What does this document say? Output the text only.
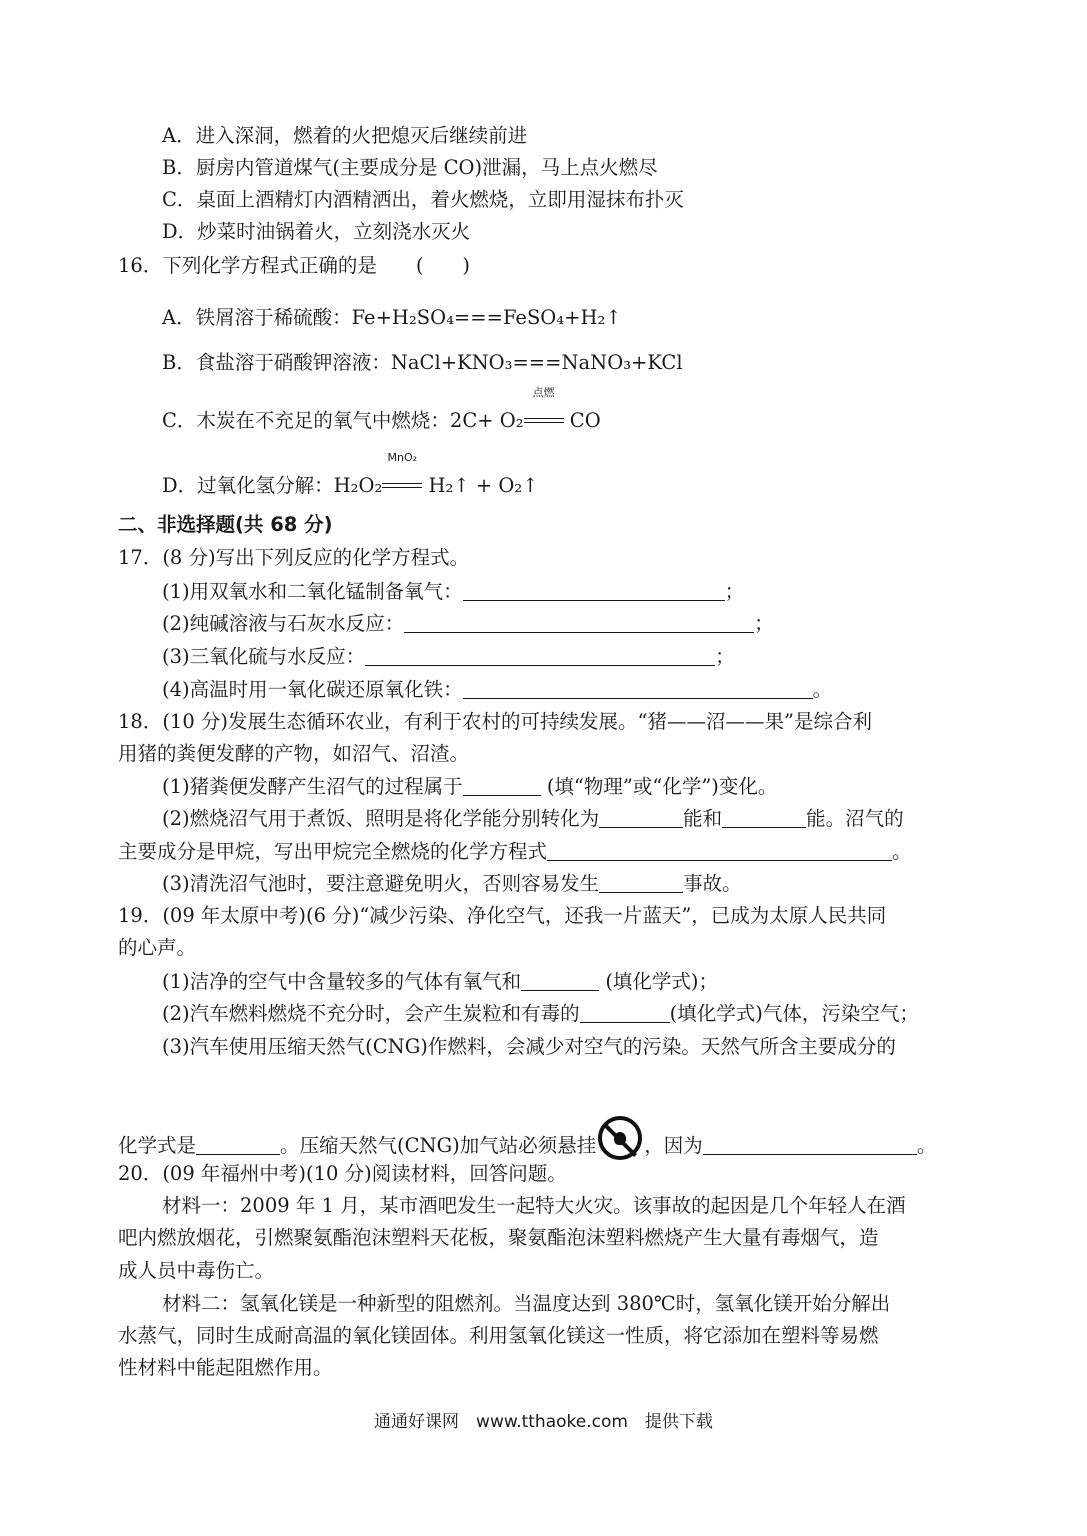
A．进入深洞，燃着的火把熄灭后继续前进
B．厨房内管道煤气(主要成分是 CO)泄漏，马上点火燃尽
C．桌面上酒精灯内酒精洒出，着火燃烧，立即用湿抹布扑灭
D．炒菜时油锅着火，立刻浇水灭火
16．下列化学方程式正确的是　　(　　)
A．铁屑溶于稀硫酸：Fe+H₂SO₄===FeSO₄+H₂↑
B．食盐溶于硝酸钾溶液：NaCl+KNO₃===NaNO₃+KCl
C．木炭在不充足的氧气中燃烧：2C+ O₂
点燃
CO
D．过氧化氢分解：H₂O₂
MnO₂
H₂↑ + O₂↑
二、非选择题(共 68 分)
17．(8 分)写出下列反应的化学方程式。
(1)用双氧水和二氧化锰制备氧气：	；
(2)纯碱溶液与石灰水反应：	；
(3)三氧化硫与水反应：	；
(4)高温时用一氧化碳还原氧化铁：	。
18．(10 分)发展生态循环农业，有利于农村的可持续发展。“猪——沼——果”是综合利
用猪的粪便发酵的产物，如沼气、沼渣。
(1)猪粪便发酵产生沼气的过程属于	(填“物理”或“化学”)变化。
(2)燃烧沼气用于煮饭、照明是将化学能分别转化为	能和	能。沼气的
主要成分是甲烷，写出甲烷完全燃烧的化学方程式	。
(3)清洗沼气池时，要注意避免明火，否则容易发生	事故。
19．(09 年太原中考)(6 分)“减少污染、净化空气，还我一片蓝天”，已成为太原人民共同
的心声。
(1)洁净的空气中含量较多的气体有氧气和	(填化学式)；
(2)汽车燃料燃烧不充分时，会产生炭粒和有毒的	(填化学式)气体，污染空气；
(3)汽车使用压缩天然气(CNG)作燃料，会减少对空气的污染。天然气所含主要成分的
化学式是	。压缩天然气(CNG)加气站必须悬挂 ，因为	。
20．(09 年福州中考)(10 分)阅读材料，回答问题。
材料一：2009 年 1 月，某市酒吧发生一起特大火灾。该事故的起因是几个年轻人在酒
吧内燃放烟花，引燃聚氨酯泡沫塑料天花板，聚氨酯泡沫塑料燃烧产生大量有毒烟气，造
成人员中毒伤亡。
材料二：氢氧化镁是一种新型的阻燃剂。当温度达到 380℃时，氢氧化镁开始分解出
水蒸气，同时生成耐高温的氧化镁固体。利用氢氧化镁这一性质，将它添加在塑料等易燃
性材料中能起阻燃作用。
通通好课网　www.tthaoke.com　提供下载
